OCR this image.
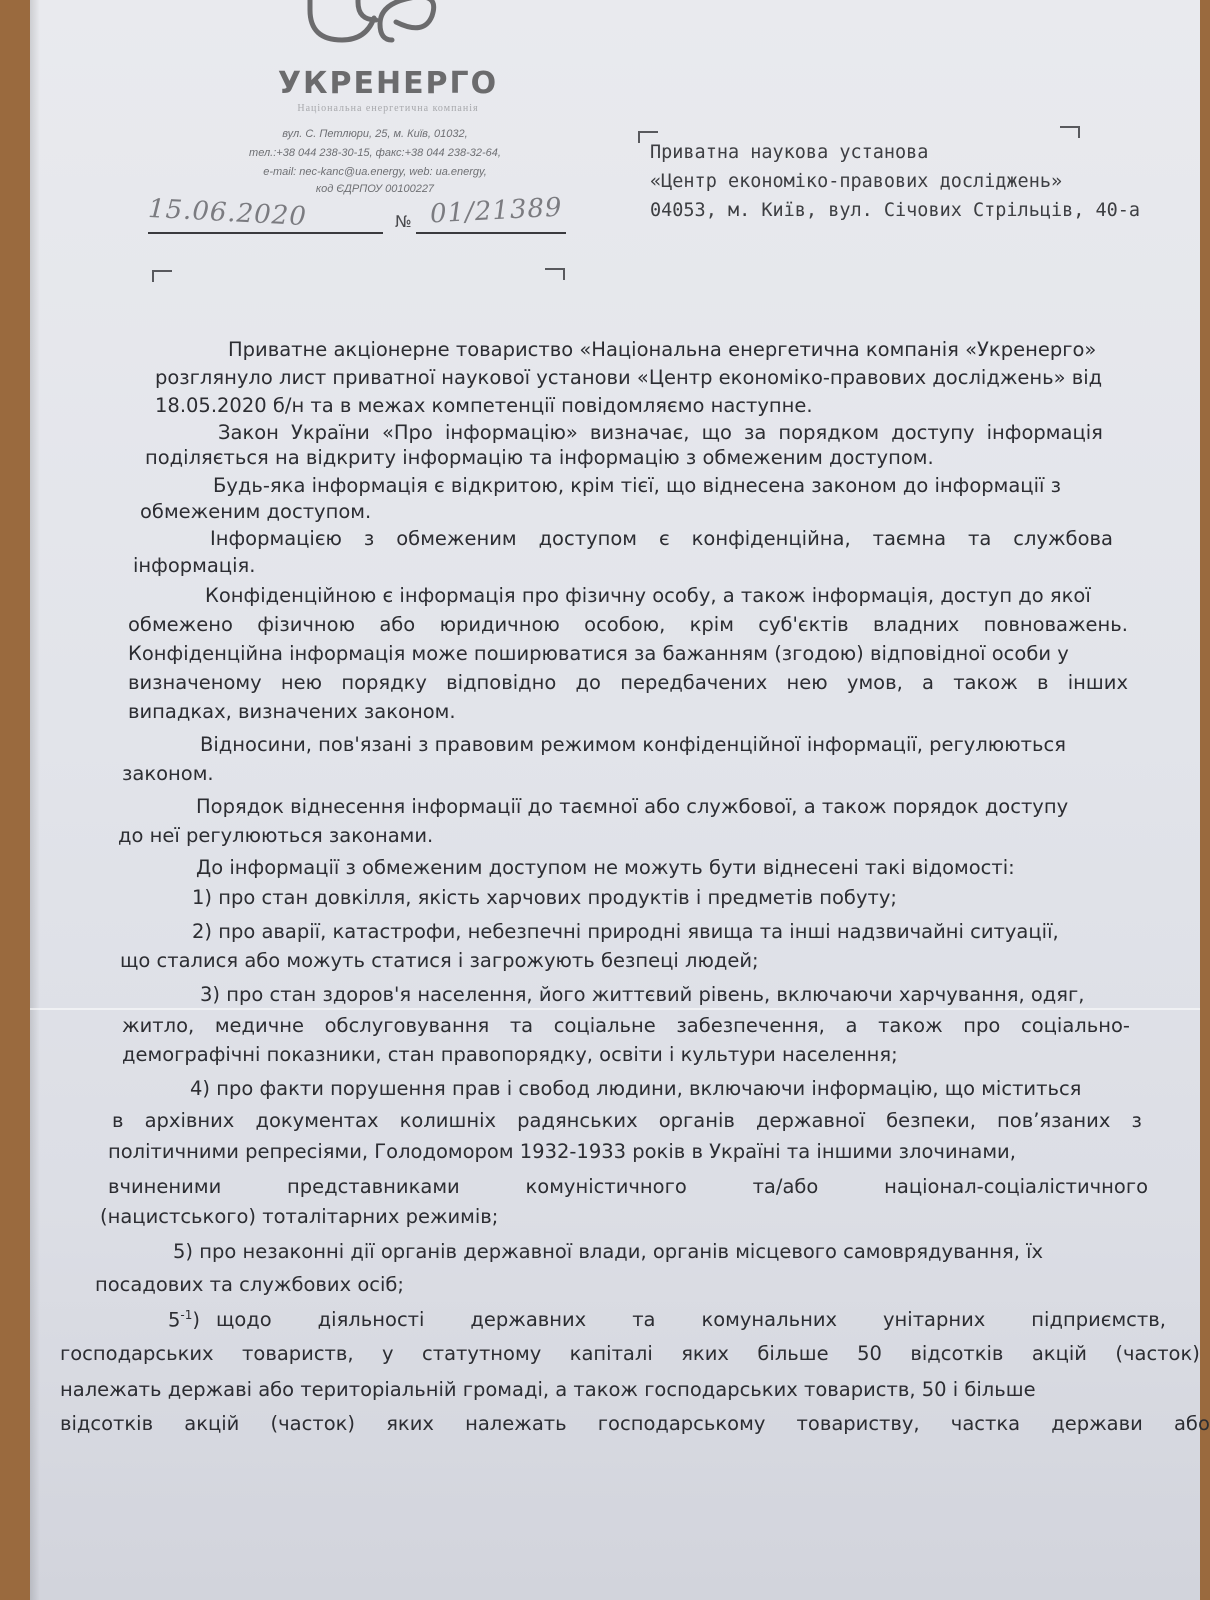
УКРЕНЕРГО
Національна енергетична компанія
вул. С. Петлюри, 25, м. Київ, 01032,
тел.:+38 044 238-30-15, факс:+38 044 238-32-64,
e-mail: nec-kanc@ua.energy, web: ua.energy,
код ЄДРПОУ 00100227
15.06.2020	№ 01/21389
Приватна наукова установа
«Центр економіко-правових досліджень»
04053, м. Київ, вул. Січових Стрільців, 40-а
Приватне акціонерне товариство «Національна енергетична компанія «Укренерго»
розглянуло лист приватної наукової установи «Центр економіко-правових досліджень» від
18.05.2020 б/н та в межах компетенції повідомляємо наступне.
Закон України «Про інформацію» визначає, що за порядком доступу інформація
поділяється на відкриту інформацію та інформацію з обмеженим доступом.
Будь-яка інформація є відкритою, крім тієї, що віднесена законом до інформації з
обмеженим доступом.
Інформацією з обмеженим доступом є конфіденційна, таємна та службова
інформація.
Конфіденційною є інформація про фізичну особу, а також інформація, доступ до якої
обмежено фізичною або юридичною особою, крім суб'єктів владних повноважень.
Конфіденційна інформація може поширюватися за бажанням (згодою) відповідної особи у
визначеному нею порядку відповідно до передбачених нею умов, а також в інших
випадках, визначених законом.
Відносини, пов'язані з правовим режимом конфіденційної інформації, регулюються
законом.
Порядок віднесення інформації до таємної або службової, а також порядок доступу
до неї регулюються законами.
До інформації з обмеженим доступом не можуть бути віднесені такі відомості:
1) про стан довкілля, якість харчових продуктів і предметів побуту;
2) про аварії, катастрофи, небезпечні природні явища та інші надзвичайні ситуації,
що сталися або можуть статися і загрожують безпеці людей;
3) про стан здоров'я населення, його життєвий рівень, включаючи харчування, одяг,
житло, медичне обслуговування та соціальне забезпечення, а також про соціально-
демографічні показники, стан правопорядку, освіти і культури населення;
4) про факти порушення прав і свобод людини, включаючи інформацію, що міститься
в архівних документах колишніх радянських органів державної безпеки, пов’язаних з
політичними репресіями, Голодомором 1932-1933 років в Україні та іншими злочинами,
вчиненими	представниками	комуністичного	та/або	націонал-соціалістичного
(нацистського) тоталітарних режимів;
5) про незаконні дії органів державної влади, органів місцевого самоврядування, їх
посадових та службових осіб;
$5^{-1}$) щодо діяльності державних та комунальних унітарних підприємств,
господарських товариств, у статутному капіталі яких більше 50 відсотків акцій (часток)
належать державі або територіальній громаді, а також господарських товариств, 50 і більше
відсотків акцій (часток) яких належать господарському товариству, частка держави або
